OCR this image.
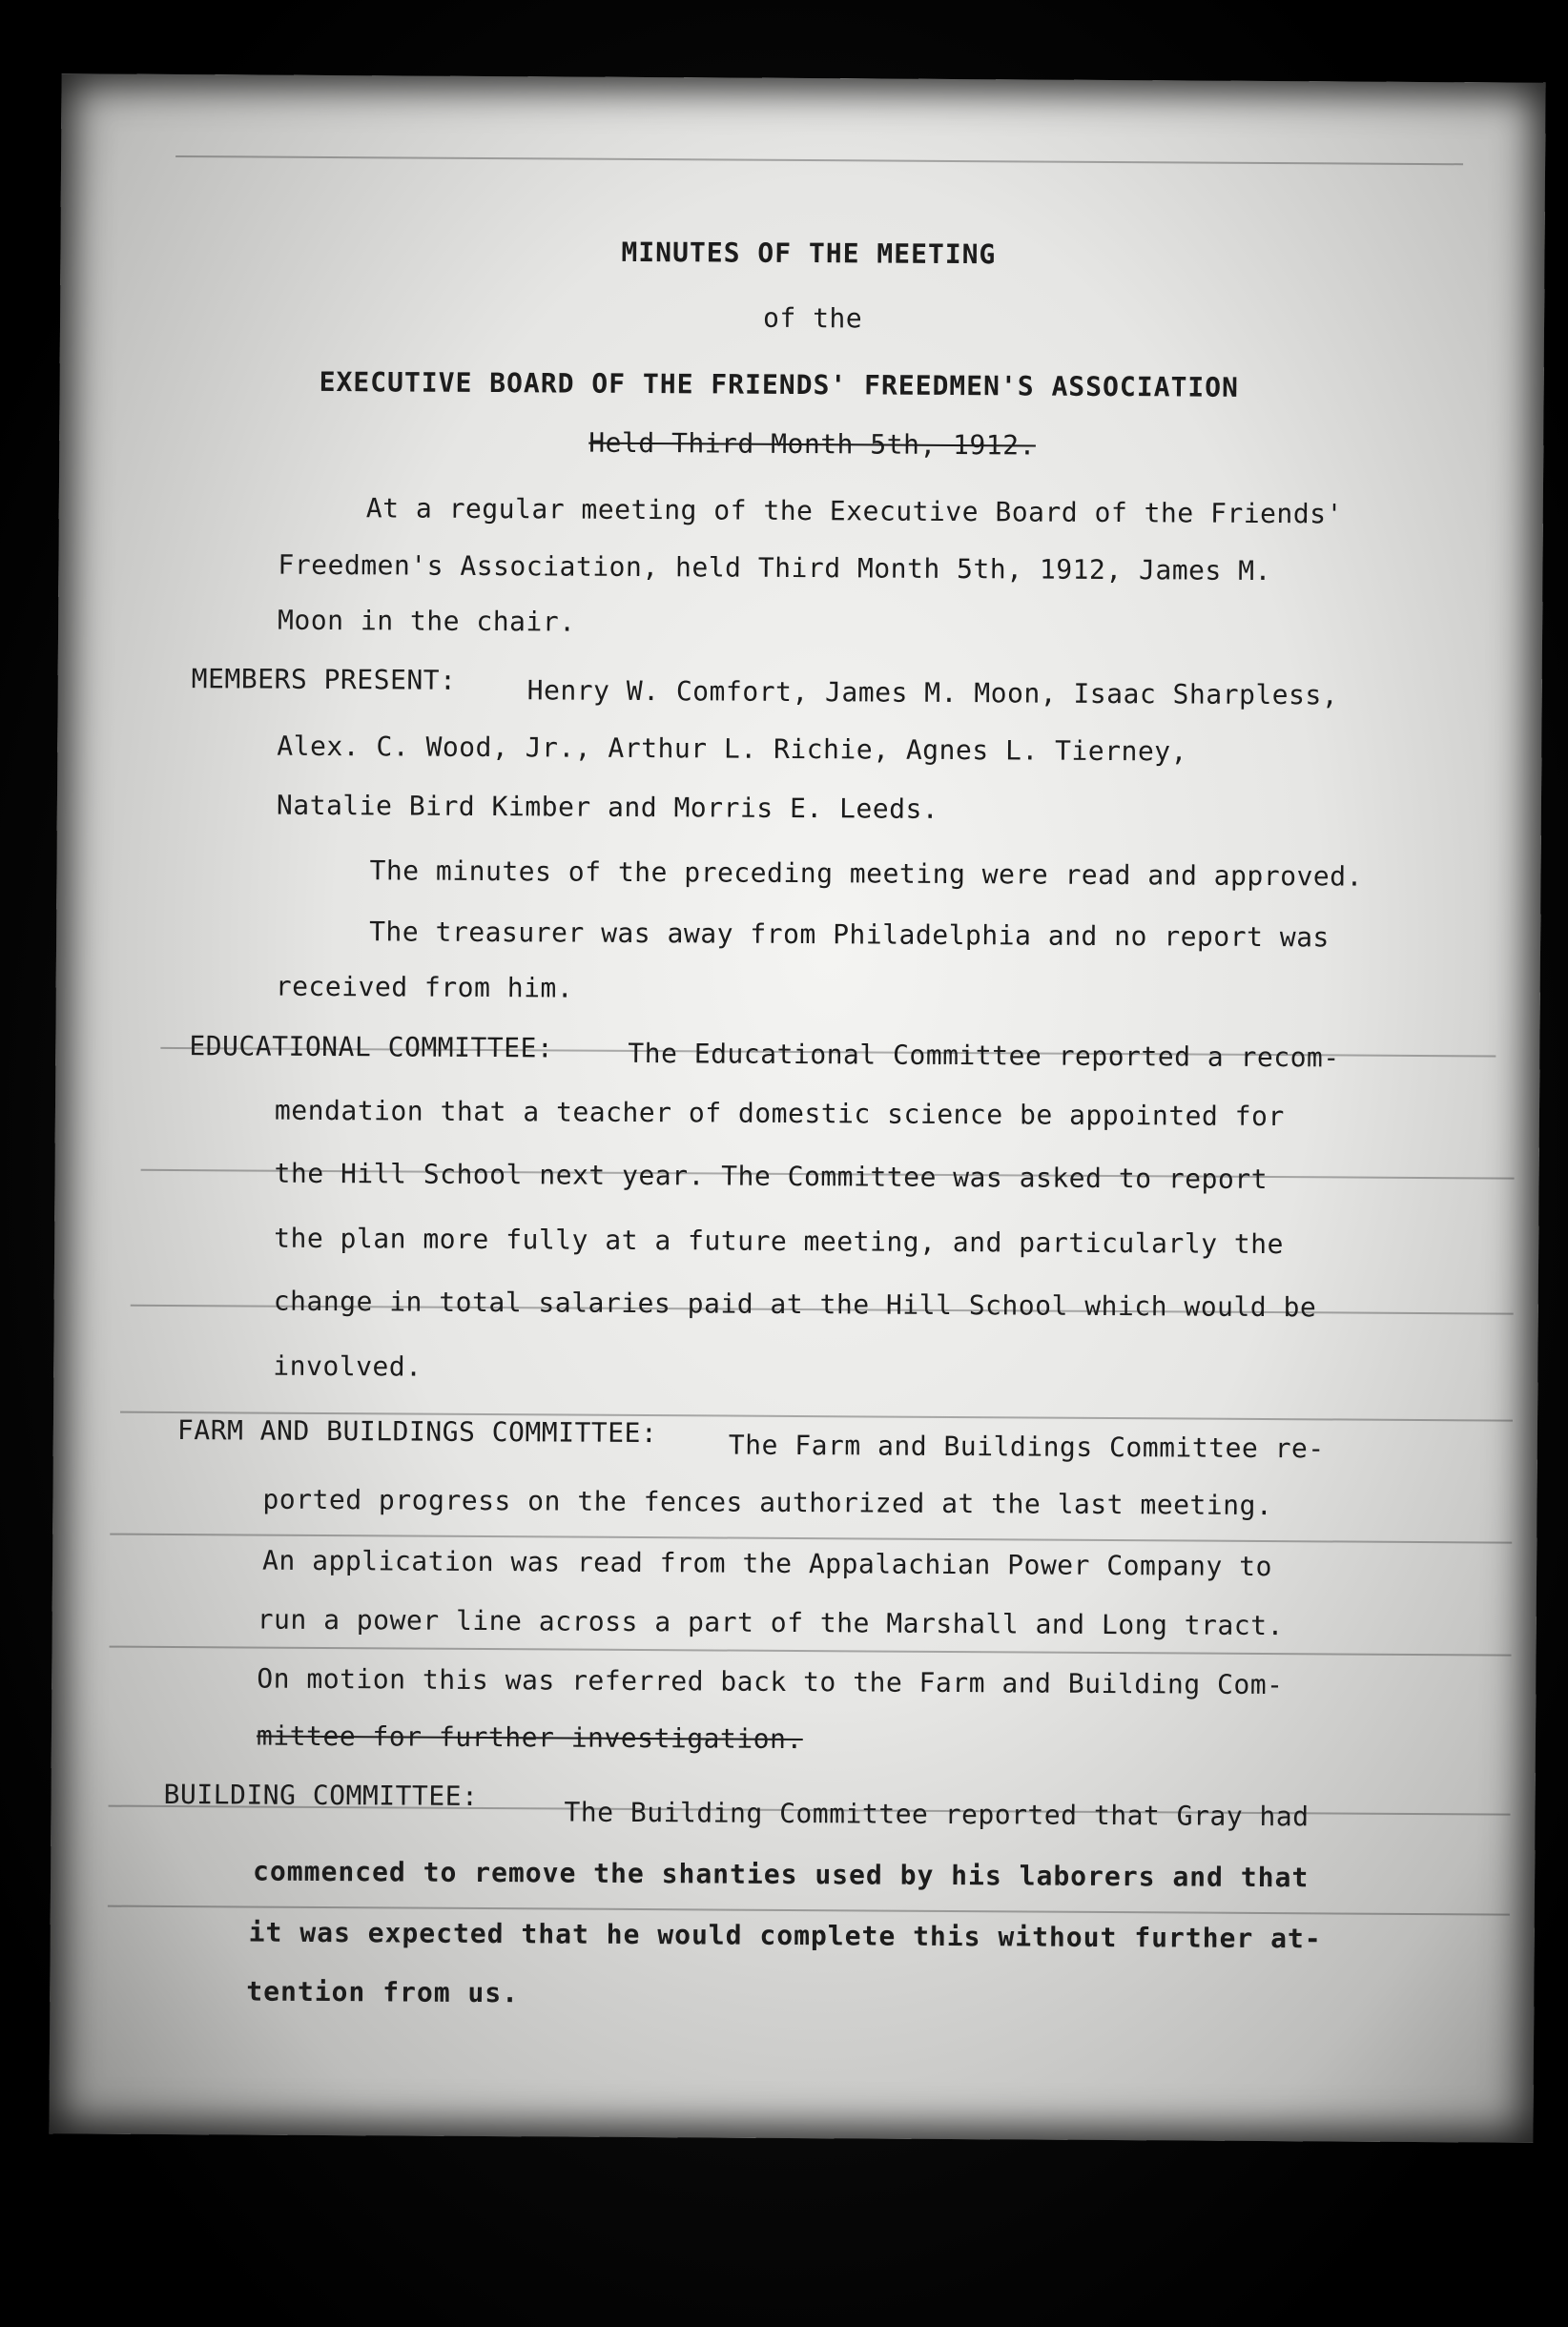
MINUTES OF THE MEETING
of the
EXECUTIVE BOARD OF THE FRIENDS' FREEDMEN'S ASSOCIATION
Held Third Month 5th, 1912.
At a regular meeting of the Executive Board of the Friends'
Freedmen's Association, held Third Month 5th, 1912, James M.
Moon in the chair.
MEMBERS PRESENT:	Henry W. Comfort, James M. Moon, Isaac Sharpless,
Alex. C. Wood, Jr., Arthur L. Richie, Agnes L. Tierney,
Natalie Bird Kimber and Morris E. Leeds.
The minutes of the preceding meeting were read and approved.
The treasurer was away from Philadelphia and no report was
received from him.
EDUCATIONAL COMMITTEE:	The Educational Committee reported a recom-
mendation that a teacher of domestic science be appointed for
the Hill School next year. The Committee was asked to report
the plan more fully at a future meeting, and particularly the
change in total salaries paid at the Hill School which would be
involved.
FARM AND BUILDINGS COMMITTEE:	The Farm and Buildings Committee re-
ported progress on the fences authorized at the last meeting.
An application was read from the Appalachian Power Company to
run a power line across a part of the Marshall and Long tract.
On motion this was referred back to the Farm and Building Com-
mittee for further investigation.
BUILDING COMMITTEE:
The Building Committee reported that Gray had
commenced to remove the shanties used by his laborers and that
it was expected that he would complete this without further at-
tention from us.
